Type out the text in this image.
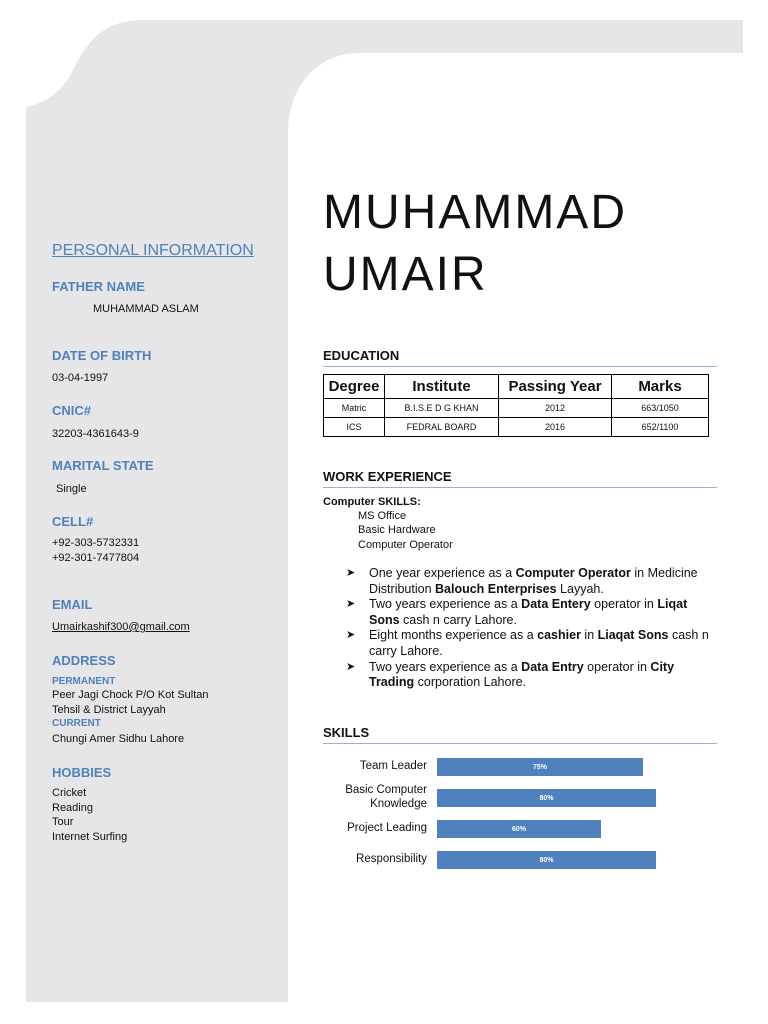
PERSONAL INFORMATION
FATHER NAME
MUHAMMAD ASLAM
DATE OF BIRTH
03-04-1997
CNIC#
32203-4361643-9
MARITAL STATE
Single
CELL#
+92-303-5732331
+92-301-7477804
EMAIL
Umairkashif300@gmail.com
ADDRESS
PERMANENT
Peer Jagi Chock P/O Kot Sultan
Tehsil & District Layyah
CURRENT
Chungi Amer Sidhu Lahore
HOBBIES
Cricket
Reading
Tour
Internet Surfing
MUHAMMAD
UMAIR
EDUCATION
Degree	Institute	Passing Year	Marks
Matric	B.I.S.E D G KHAN	2012	663/1050
ICS	FEDRAL BOARD	2016	652/1100
WORK EXPERIENCE
Computer SKILLS:
MS Office
Basic Hardware
Computer Operator
➤ One year experience as a Computer Operator in Medicine Distribution Balouch Enterprises Layyah.
➤ Two years experience as a Data Entery operator in Liqat Sons cash n carry Lahore.
➤ Eight months experience as a cashier in Liaqat Sons cash n carry Lahore.
➤ Two years experience as a Data Entry operator in City Trading corporation Lahore.
SKILLS
Team Leader	75%
Basic Computer Knowledge	80%
Project Leading	60%
Responsibility	80%
